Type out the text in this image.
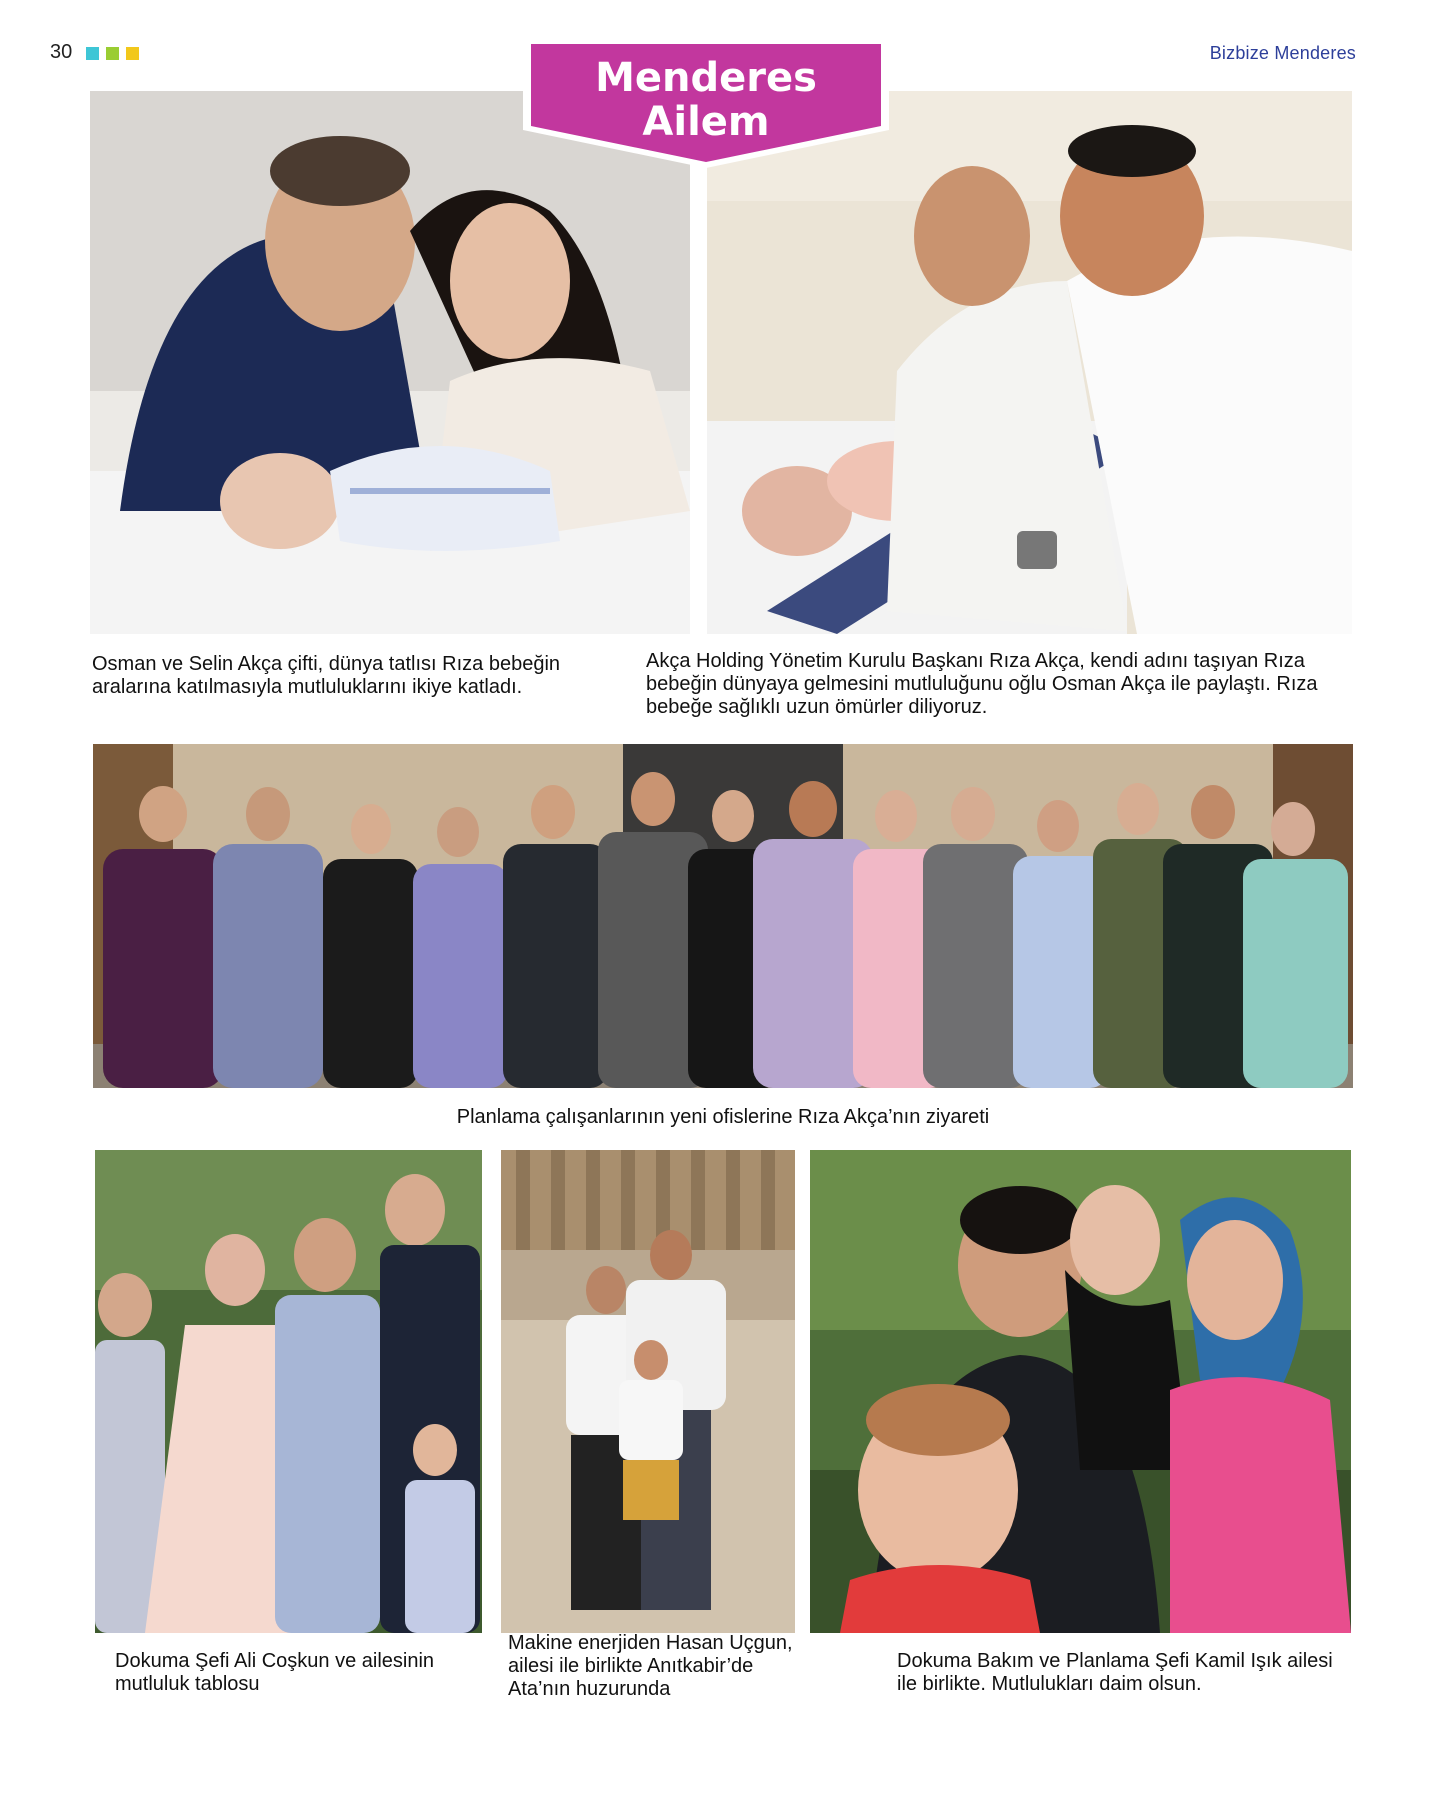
30	Bizbize Menderes
Osman ve Selin Akça çifti, dünya tatlısı Rıza bebeğin aralarına katılmasıyla mutluluklarını ikiye katladı.
Akça Holding Yönetim Kurulu Başkanı Rıza Akça, kendi adını taşıyan Rıza bebeğin dünyaya gelmesini mutluluğunu oğlu Osman Akça ile paylaştı. Rıza bebeğe sağlıklı uzun ömürler diliyoruz.
Menderes
Ailem
Planlama çalışanlarının yeni ofislerine Rıza Akça’nın ziyareti
Dokuma Şefi Ali Coşkun ve ailesinin mutluluk tablosu
Makine enerjiden Hasan Uçgun, ailesi ile birlikte Anıtkabir’de Ata’nın huzurunda
Dokuma Bakım ve Planlama Şefi Kamil Işık ailesi ile birlikte. Mutlulukları daim olsun.
